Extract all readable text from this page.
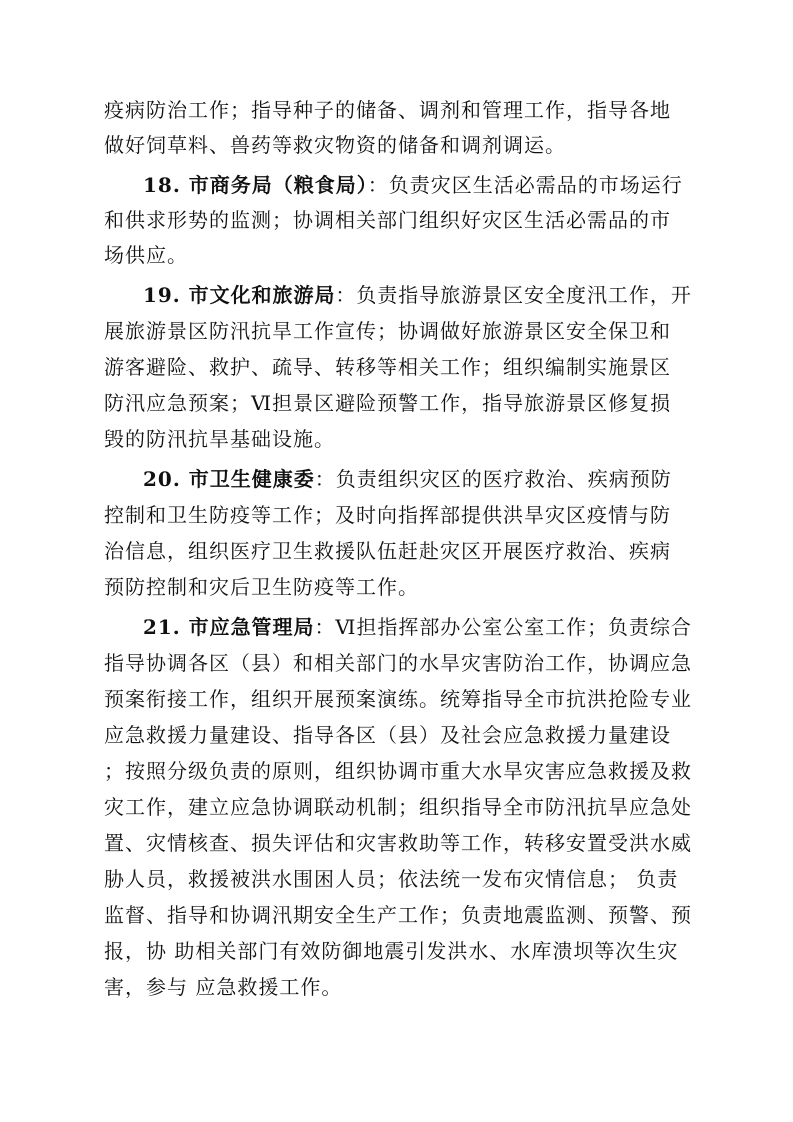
疫病防治工作；指导种子的储备、调剂和管理工作，指导各地
做好饲草料、兽药等救灾物资的储备和调剂调运。
18. 市商务局（粮食局）：负责灾区生活必需品的市场运行
和供求形势的监测；协调相关部门组织好灾区生活必需品的市
场供应。
19. 市文化和旅游局：负责指导旅游景区安全度汛工作，开
展旅游景区防汛抗旱工作宣传；协调做好旅游景区安全保卫和
游客避险、救护、疏导、转移等相关工作；组织编制实施景区
防汛应急预案；Ⅵ担景区避险预警工作，指导旅游景区修复损
毁的防汛抗旱基础设施。
20. 市卫生健康委：负责组织灾区的医疗救治、疾病预防
控制和卫生防疫等工作；及时向指挥部提供洪旱灾区疫情与防
治信息，组织医疗卫生救援队伍赶赴灾区开展医疗救治、疾病
预防控制和灾后卫生防疫等工作。
21. 市应急管理局：Ⅵ担指挥部办公室公室工作；负责综合
指导协调各区（县）和相关部门的水旱灾害防治工作，协调应急
预案衔接工作，组织开展预案演练。统筹指导全市抗洪抢险专业
应急救援力量建设、指导各区（县）及社会应急救援力量建设
；按照分级负责的原则，组织协调市重大水旱灾害应急救援及救
灾工作，建立应急协调联动机制；组织指导全市防汛抗旱应急处
置、灾情核查、损失评估和灾害救助等工作，转移安置受洪水威
胁人员，救援被洪水围困人员；依法统一发布灾情信息； 负责
监督、指导和协调汛期安全生产工作；负责地震监测、预警、预
报，协 助相关部门有效防御地震引发洪水、水库溃坝等次生灾
害，参与 应急救援工作。
